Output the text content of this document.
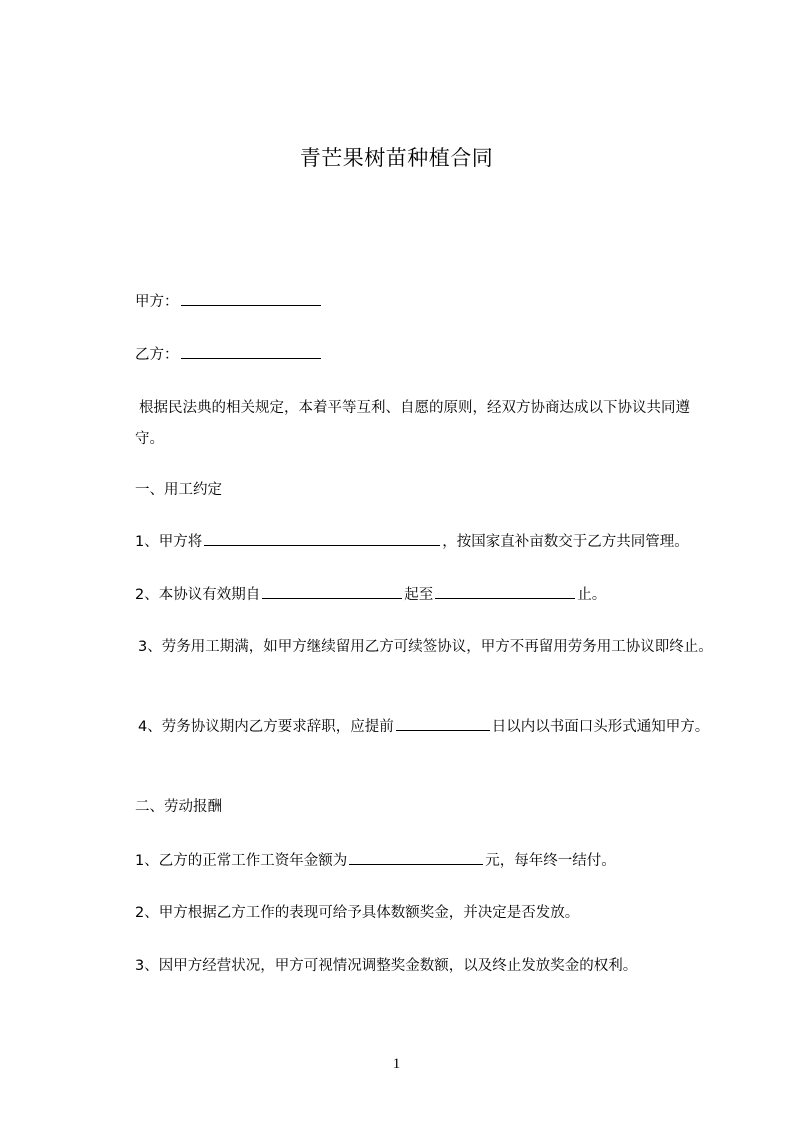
青芒果树苗种植合同
甲方：
乙方：
根据民法典的相关规定，本着平等互利、自愿的原则，经双方协商达成以下协议共同遵守。
一、用工约定
1、甲方将	，按国家直补亩数交于乙方共同管理。
2、本协议有效期自	起至	止。
3、劳务用工期满，如甲方继续留用乙方可续签协议，甲方不再留用劳务用工协议即终止。
4、劳务协议期内乙方要求辞职，应提前	日以内以书面口头形式通知甲方。
二、劳动报酬
1、乙方的正常工作工资年金额为	元，每年终一结付。
2、甲方根据乙方工作的表现可给予具体数额奖金，并决定是否发放。
3、因甲方经营状况，甲方可视情况调整奖金数额，以及终止发放奖金的权利。
1
